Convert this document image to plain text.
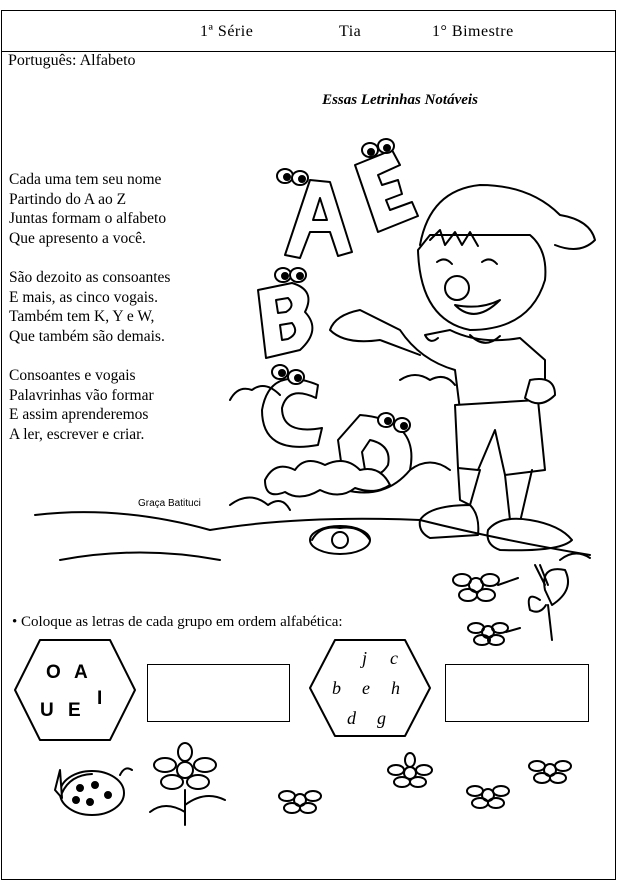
1ª Série	Tia	1° Bimestre
Português: Alfabeto
Essas Letrinhas Notáveis
Cada uma tem seu nome
Partindo do A ao Z
Juntas formam o alfabeto
Que apresento a você.
São dezoito as consoantes
E mais, as cinco vogais.
Também tem K, Y e W,
Que também são demais.
Consoantes e vogais
Palavrinhas vão formar
E assim aprenderemos
A ler, escrever e criar.
Graça Batituci
• Coloque as letras de cada grupo em ordem alfabética:
O A
U E
I
j c
b e h
d g
